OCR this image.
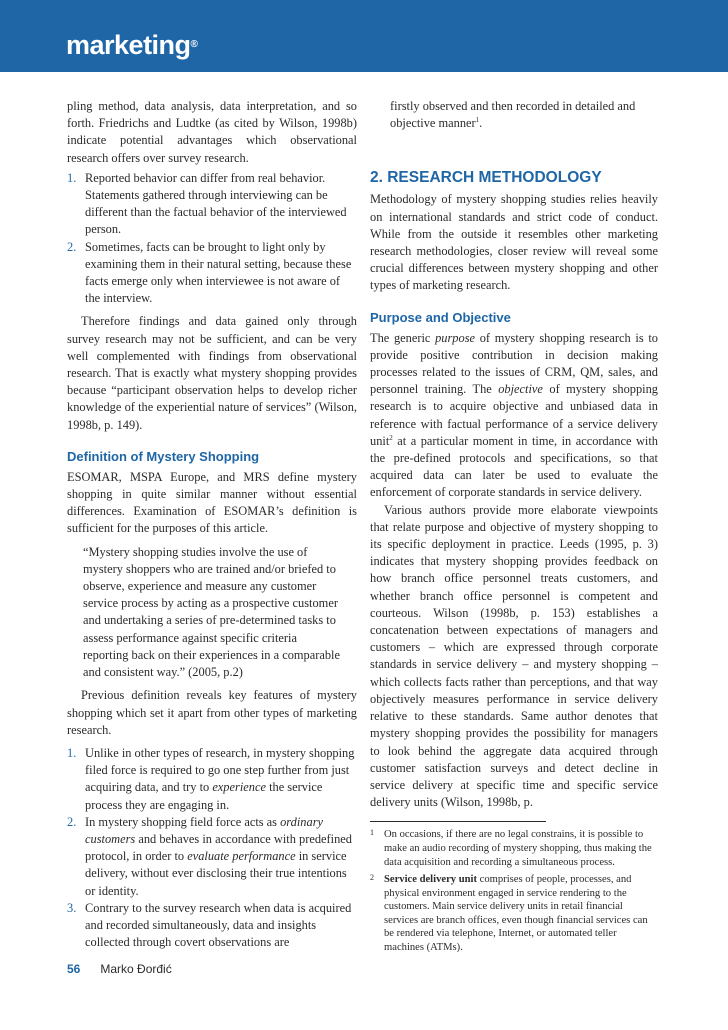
marketing®

pling method, data analysis, data interpretation, and so forth. Friedrichs and Ludtke (as cited by Wilson, 1998b) indicate potential advantages which observational research offers over survey research.

1. Reported behavior can differ from real behavior. Statements gathered through interviewing can be different than the factual behavior of the interviewed person.
2. Sometimes, facts can be brought to light only by examining them in their natural setting, because these facts emerge only when interviewee is not aware of the interview.

Therefore findings and data gained only through survey research may not be sufficient, and can be very well complemented with findings from observational research. That is exactly what mystery shopping provides because “participant observation helps to develop richer knowledge of the experiential nature of services” (Wilson, 1998b, p. 149).

Definition of Mystery Shopping

ESOMAR, MSPA Europe, and MRS define mystery shopping in quite similar manner without essential differences. Examination of ESOMAR’s definition is sufficient for the purposes of this article.

“Mystery shopping studies involve the use of mystery shoppers who are trained and/or briefed to observe, experience and measure any customer service process by acting as a prospective customer and undertaking a series of pre-determined tasks to assess performance against specific criteria reporting back on their experiences in a comparable and consistent way.” (2005, p.2)

Previous definition reveals key features of mystery shopping which set it apart from other types of marketing research.

1. Unlike in other types of research, in mystery shopping filed force is required to go one step further from just acquiring data, and try to experience the service process they are engaging in.
2. In mystery shopping field force acts as ordinary customers and behaves in accordance with predefined protocol, in order to evaluate performance in service delivery, without ever disclosing their true intentions or identity.
3. Contrary to the survey research when data is acquired and recorded simultaneously, data and insights collected through covert observations are

firstly observed and then recorded in detailed and objective manner$^1$.

2. RESEARCH METHODOLOGY

Methodology of mystery shopping studies relies heavily on international standards and strict code of conduct. While from the outside it resembles other marketing research methodologies, closer review will reveal some crucial differences between mystery shopping and other types of marketing research.

Purpose and Objective

The generic purpose of mystery shopping research is to provide positive contribution in decision making processes related to the issues of CRM, QM, sales, and personnel training. The objective of mystery shopping research is to acquire objective and unbiased data in reference with factual performance of a service delivery unit$^2$ at a particular moment in time, in accordance with the pre-defined protocols and specifications, so that acquired data can later be used to evaluate the enforcement of corporate standards in service delivery.

Various authors provide more elaborate viewpoints that relate purpose and objective of mystery shopping to its specific deployment in practice. Leeds (1995, p. 3) indicates that mystery shopping provides feedback on how branch office personnel treats customers, and whether branch office personnel is competent and courteous. Wilson (1998b, p. 153) establishes a concatenation between expectations of managers and customers – which are expressed through corporate standards in service delivery – and mystery shopping – which collects facts rather than perceptions, and that way objectively measures performance in service delivery relative to these standards. Same author denotes that mystery shopping provides the possibility for managers to look behind the aggregate data acquired through customer satisfaction surveys and detect decline in service delivery at specific time and specific service delivery units (Wilson, 1998b, p.

1 On occasions, if there are no legal constrains, it is possible to make an audio recording of mystery shopping, thus making the data acquisition and recording a simultaneous process.

2 Service delivery unit comprises of people, processes, and physical environment engaged in service rendering to the customers. Main service delivery units in retail financial services are branch offices, even though financial services can be rendered via telephone, Internet, or automated teller machines (ATMs).

56 Marko Đorđić
